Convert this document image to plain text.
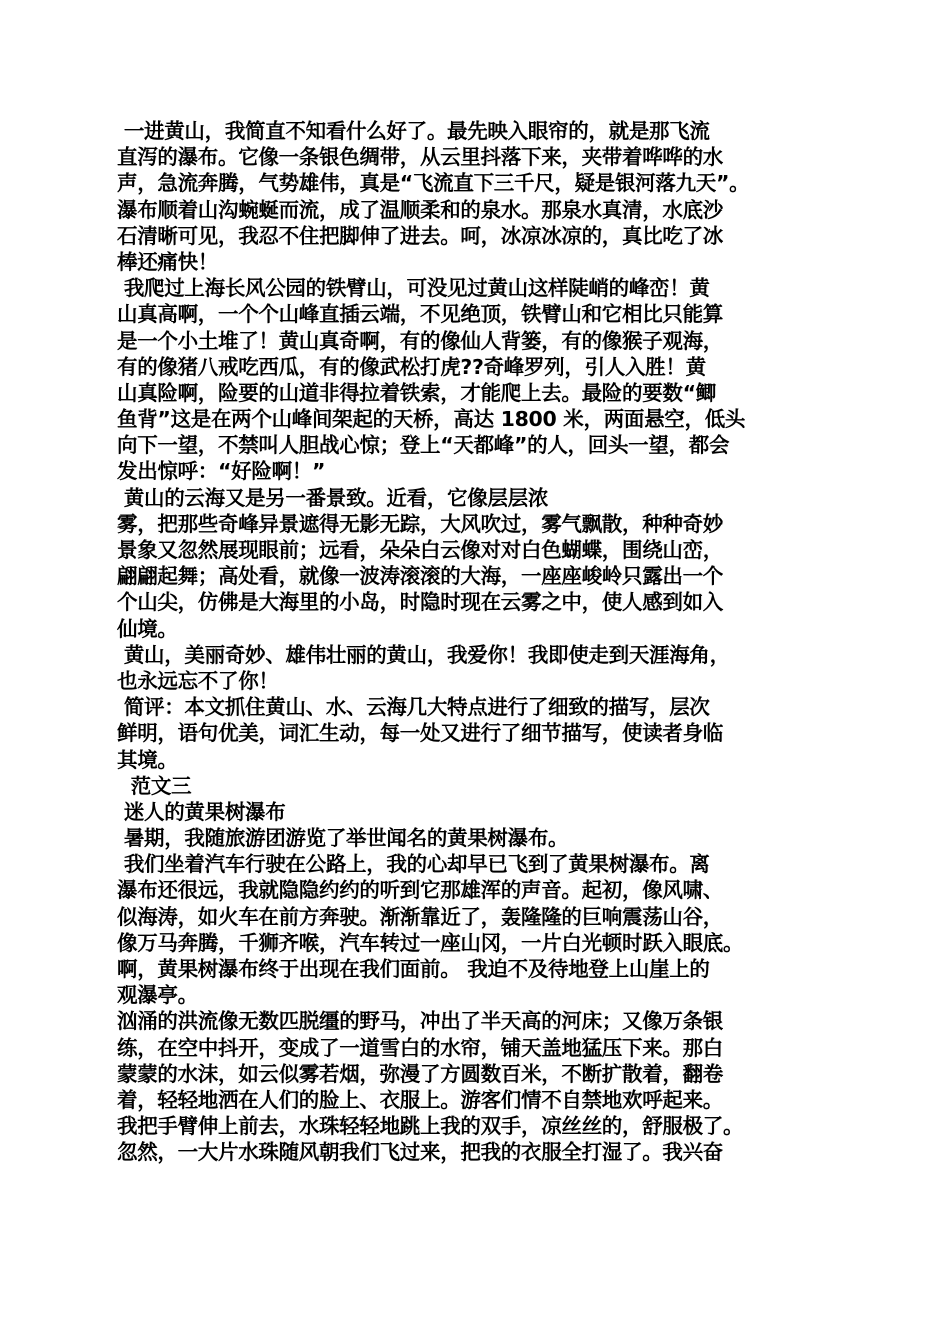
一进黄山，我简直不知看什么好了。最先映入眼帘的，就是那飞流
直泻的瀑布。它像一条银色绸带，从云里抖落下来，夹带着哗哗的水
声，急流奔腾，气势雄伟，真是“飞流直下三千尺，疑是银河落九天”。
瀑布顺着山沟蜿蜒而流，成了温顺柔和的泉水。那泉水真清，水底沙
石清晰可见，我忍不住把脚伸了进去。呵，冰凉冰凉的，真比吃了冰
棒还痛快！
我爬过上海长风公园的铁臂山，可没见过黄山这样陡峭的峰峦！黄
山真高啊，一个个山峰直插云端，不见绝顶，铁臂山和它相比只能算
是一个小土堆了！黄山真奇啊，有的像仙人背篓，有的像猴子观海，
有的像猪八戒吃西瓜，有的像武松打虎??奇峰罗列，引人入胜！黄
山真险啊，险要的山道非得拉着铁索，才能爬上去。最险的要数“鲫
鱼背”这是在两个山峰间架起的天桥，高达 1800 米，两面悬空，低头
向下一望，不禁叫人胆战心惊；登上“天都峰”的人，回头一望，都会
发出惊呼：“好险啊！”
黄山的云海又是另一番景致。近看，它像层层浓
雾，把那些奇峰异景遮得无影无踪，大风吹过，雾气飘散，种种奇妙
景象又忽然展现眼前；远看，朵朵白云像对对白色蝴蝶，围绕山峦，
翩翩起舞；高处看，就像一波涛滚滚的大海，一座座峻岭只露出一个
个山尖，仿佛是大海里的小岛，时隐时现在云雾之中，使人感到如入
仙境。
黄山，美丽奇妙、雄伟壮丽的黄山，我爱你！我即使走到天涯海角，
也永远忘不了你！
简评：本文抓住黄山、水、云海几大特点进行了细致的描写，层次
鲜明，语句优美，词汇生动，每一处又进行了细节描写，使读者身临
其境。
范文三
迷人的黄果树瀑布
暑期，我随旅游团游览了举世闻名的黄果树瀑布。
我们坐着汽车行驶在公路上，我的心却早已飞到了黄果树瀑布。离
瀑布还很远，我就隐隐约约的听到它那雄浑的声音。起初，像风啸、
似海涛，如火车在前方奔驶。渐渐靠近了，轰隆隆的巨响震荡山谷，
像万马奔腾，千狮齐喉，汽车转过一座山冈，一片白光顿时跃入眼底。
啊，黄果树瀑布终于出现在我们面前。 我迫不及待地登上山崖上的
观瀑亭。
汹涌的洪流像无数匹脱缰的野马，冲出了半天高的河床；又像万条银
练，在空中抖开，变成了一道雪白的水帘，铺天盖地猛压下来。那白
蒙蒙的水沫，如云似雾若烟，弥漫了方圆数百米，不断扩散着，翻卷
着，轻轻地洒在人们的脸上、衣服上。游客们情不自禁地欢呼起来。
我把手臂伸上前去，水珠轻轻地跳上我的双手，凉丝丝的，舒服极了。
忽然，一大片水珠随风朝我们飞过来，把我的衣服全打湿了。我兴奋
